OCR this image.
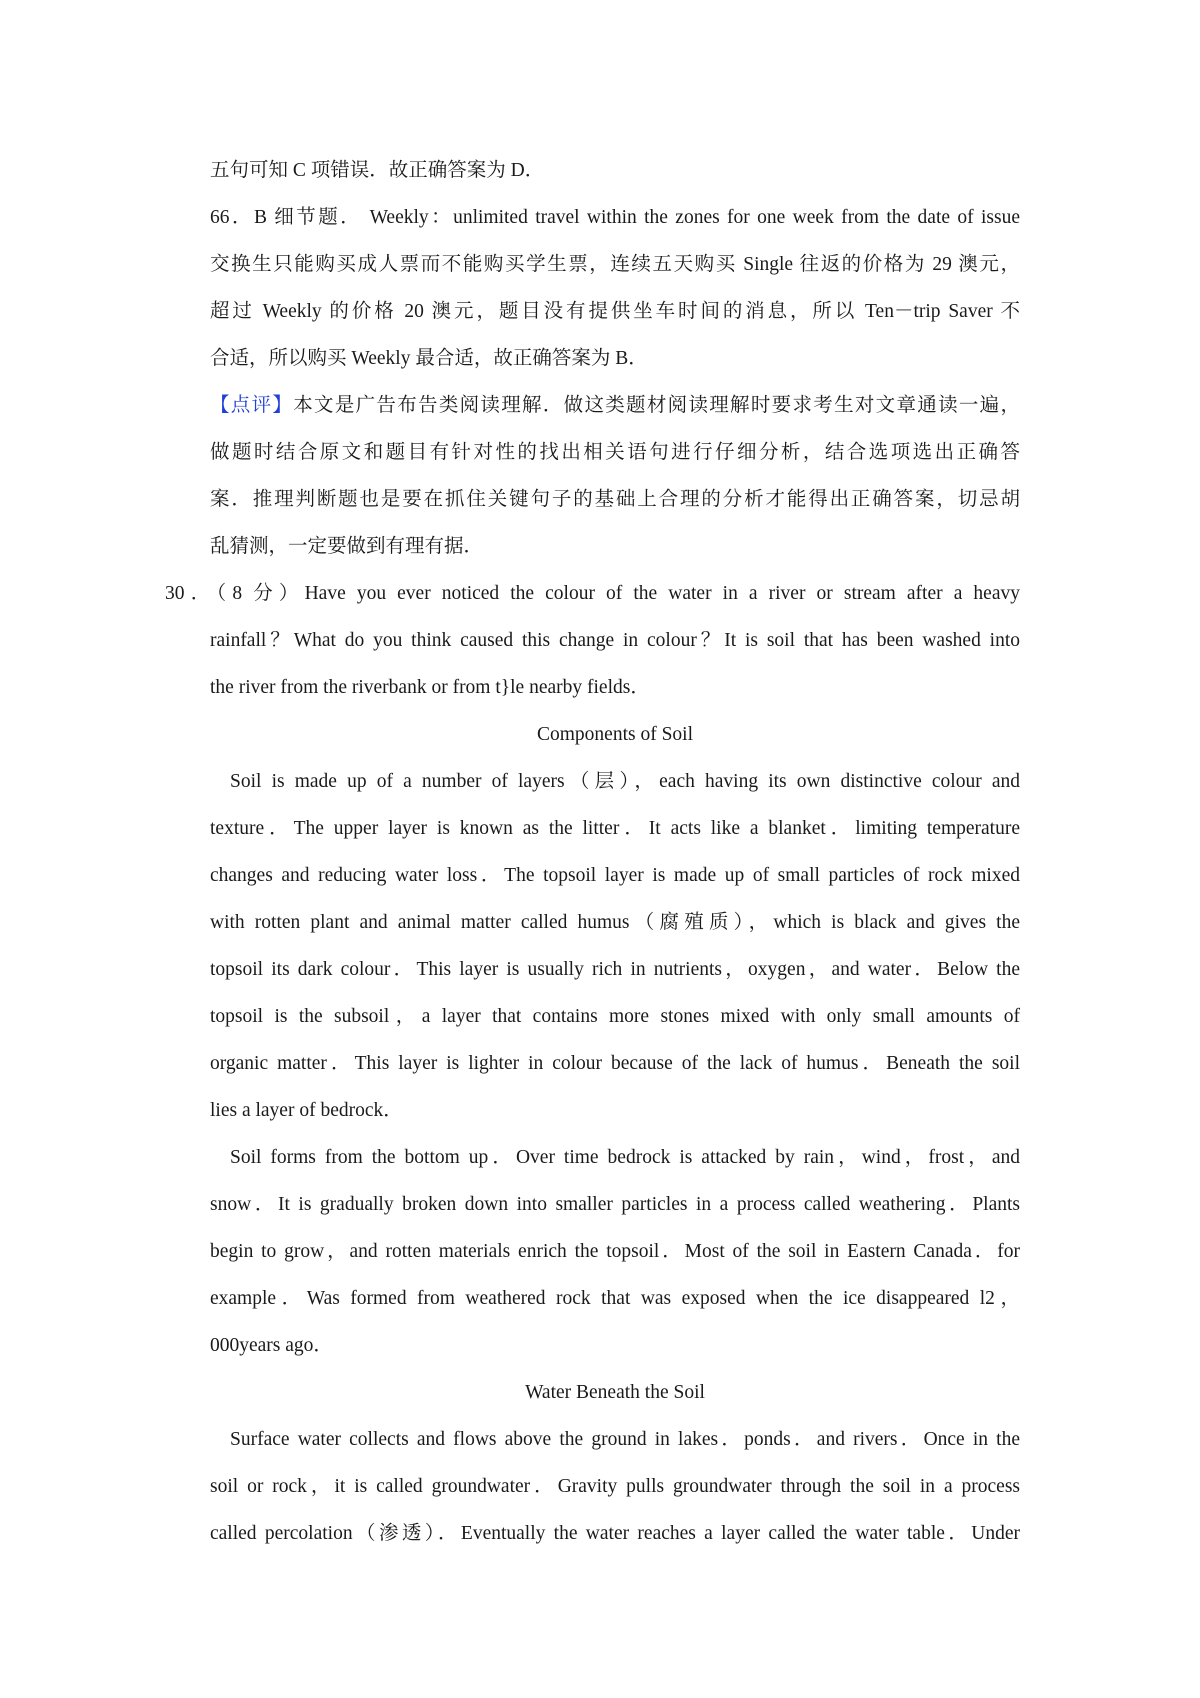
五句可知 C 项错误．故正确答案为 D．
66．B 细节题． Weekly：unlimited travel within the zones for one week from the date of issue
交换生只能购买成人票而不能购买学生票，连续五天购买 Single 往返的价格为 29 澳元，
超过 Weekly 的价格 20 澳元，题目没有提供坐车时间的消息，所以 Ten－trip Saver 不
合适，所以购买 Weekly 最合适，故正确答案为 B．
【点评】本文是广告布告类阅读理解．做这类题材阅读理解时要求考生对文章通读一遍，
做题时结合原文和题目有针对性的找出相关语句进行仔细分析，结合选项选出正确答
案．推理判断题也是要在抓住关键句子的基础上合理的分析才能得出正确答案，切忌胡
乱猜测，一定要做到有理有据．
30．（8 分）Have you ever noticed the colour of the water in a river or stream after a heavy
rainfall？What do you think caused this change in colour？It is soil that has been washed into
the river from the riverbank or from t}le nearby fields．
Components of Soil
Soil is made up of a number of layers（层），each having its own distinctive colour and
texture．The upper layer is known as the litter．It acts like a blanket．limiting temperature
changes and reducing water loss．The topsoil layer is made up of small particles of rock mixed
with rotten plant and animal matter called humus（腐殖质），which is black and gives the
topsoil its dark colour．This layer is usually rich in nutrients，oxygen，and water．Below the
topsoil is the subsoil，a layer that contains more stones mixed with only small amounts of
organic matter．This layer is lighter in colour because of the lack of humus．Beneath the soil
lies a layer of bedrock．
Soil forms from the bottom up．Over time bedrock is attacked by rain，wind，frost，and
snow．It is gradually broken down into smaller particles in a process called weathering．Plants
begin to grow，and rotten materials enrich the topsoil．Most of the soil in Eastern Canada．for
example．Was formed from weathered rock that was exposed when the ice disappeared l2，
000years ago．
Water Beneath the Soil
Surface water collects and flows above the ground in lakes．ponds．and rivers．Once in the
soil or rock，it is called groundwater．Gravity pulls groundwater through the soil in a process
called percolation（渗透）．Eventually the water reaches a layer called the water table．Under
